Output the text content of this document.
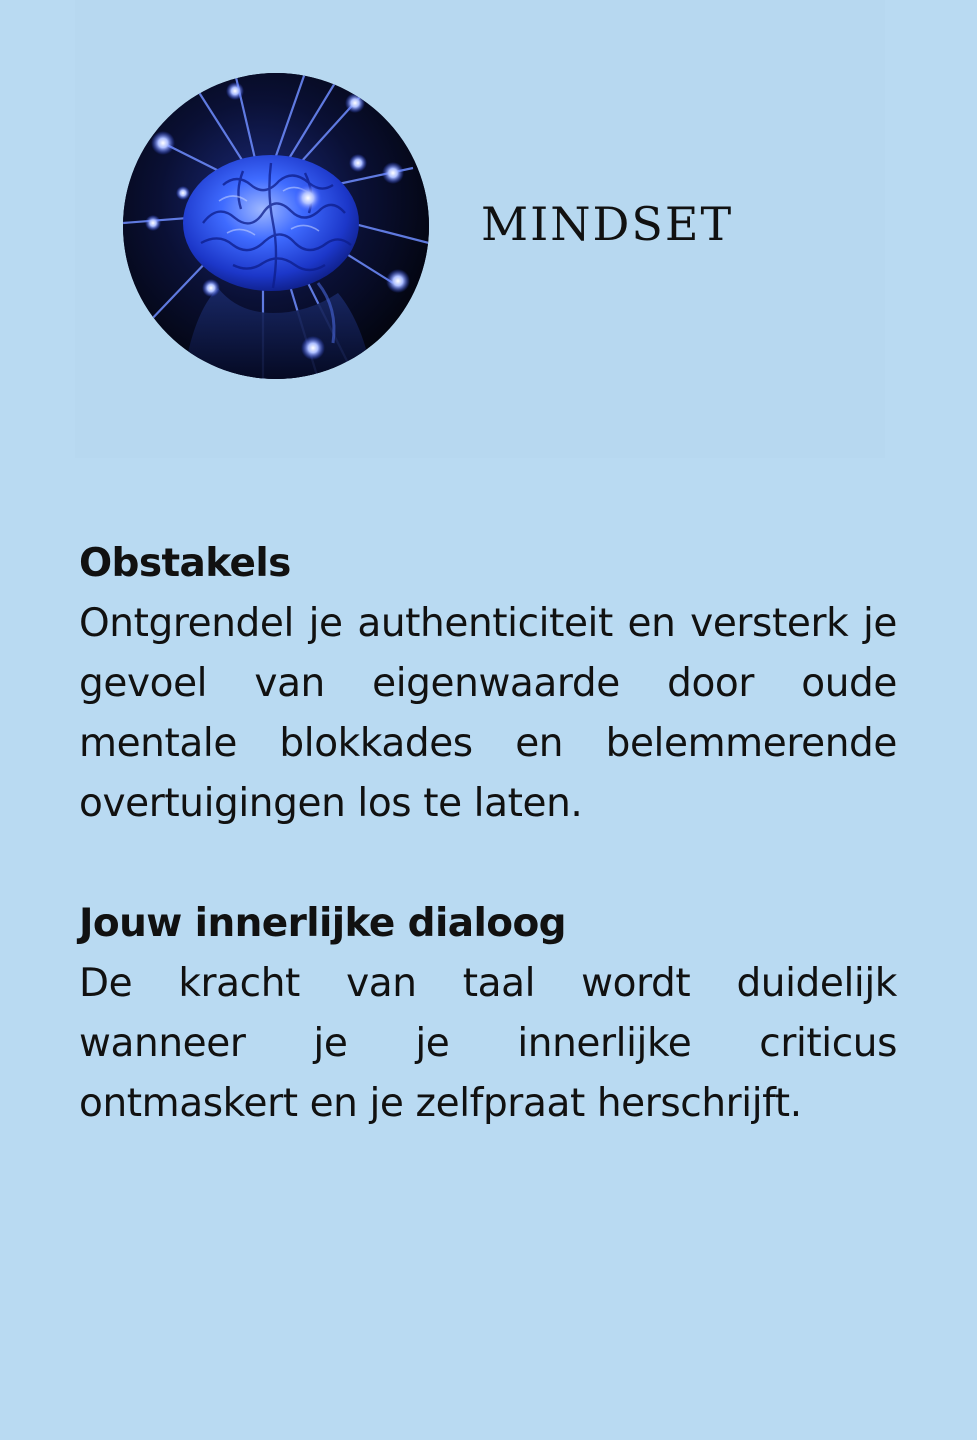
MINDSET
Obstakels

Ontgrendel je authenticiteit en versterk je gevoel van eigenwaarde door oude mentale blokkades en belemmerende overtuigingen los te laten.

Jouw innerlijke dialoog

De kracht van taal wordt duidelijk wanneer je je innerlijke criticus ontmaskert en je zelfpraat herschrijft.
